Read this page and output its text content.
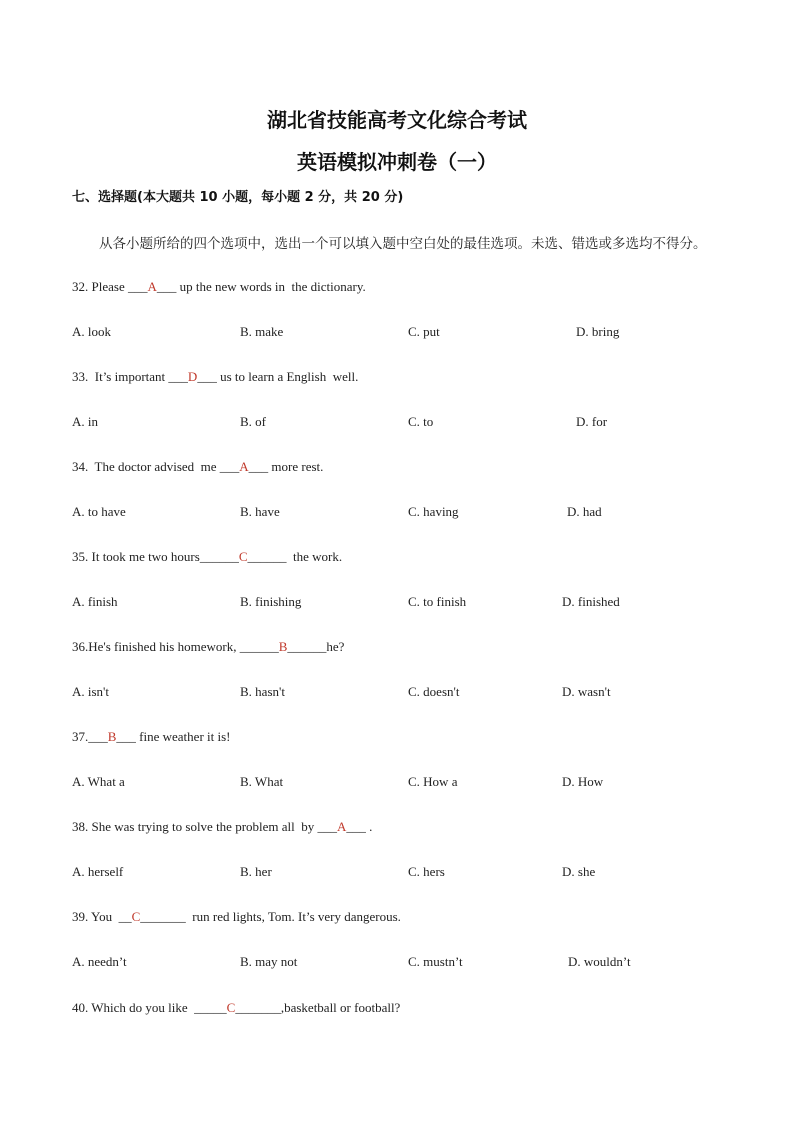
湖北省技能高考文化综合考试
英语模拟冲刺卷（一）
七、选择题(本大题共 10 小题，每小题 2 分，共 20 分)
从各小题所给的四个选项中，选出一个可以填入题中空白处的最佳选项。未选、错选或多选均不得分。
32. Please ___A___ up the new words in  the dictionary.
A. look	B. make	C. put	D. bring
33.  It’s important ___D___ us to learn a English  well.
A. in	B. of	C. to	D. for
34.  The doctor advised  me ___A___ more rest.
A. to have	B. have	C. having	D. had
35. It took me two hours______C______  the work.
A. finish	B. finishing	C. to finish	D. finished
36.He's finished his homework, ______B______he?
A. isn't	B. hasn't	C. doesn't	D. wasn't
37.___B___ fine weather it is!
A. What a	B. What	C. How a	D. How
38. She was trying to solve the problem all  by ___A___ .
A. herself	B. her	C. hers	D. she
39. You  __C_______  run red lights, Tom. It’s very dangerous.
A. needn’t	B. may not	C. mustn’t	D. wouldn’t
40. Which do you like  _____C_______,basketball or football?
